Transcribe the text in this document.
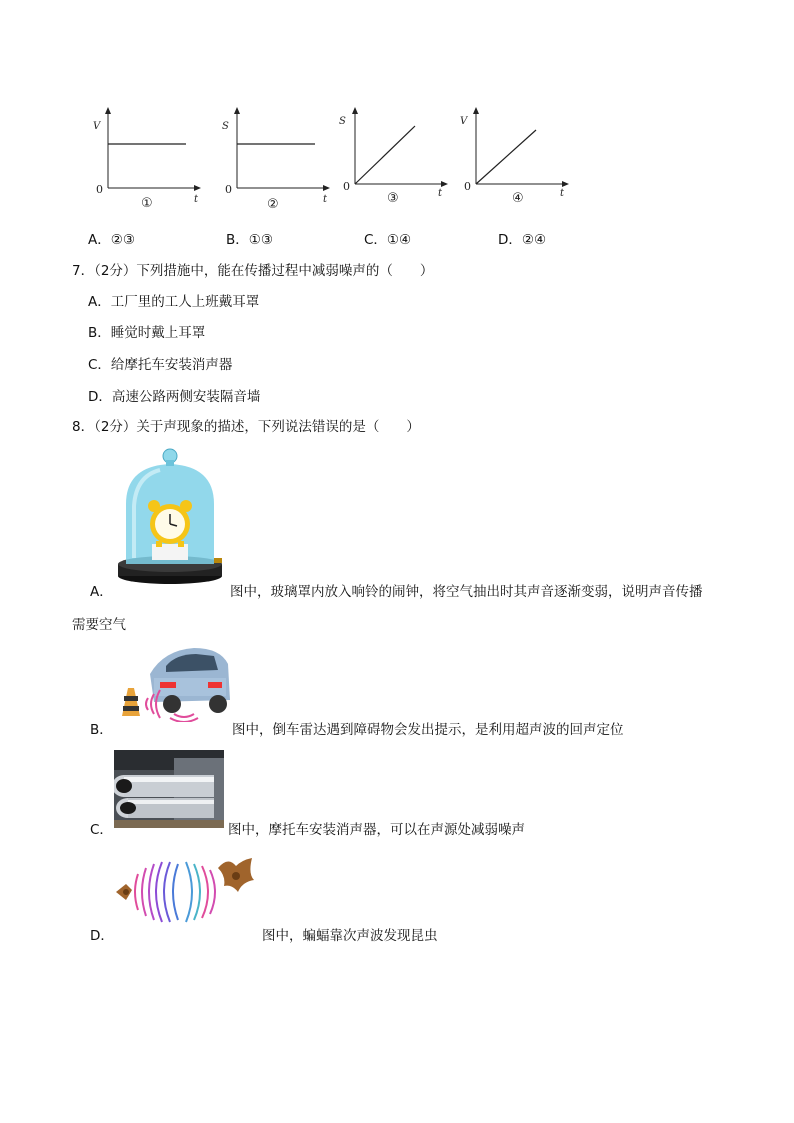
V
t
0
①
S
t
0
②
S
t
0
③
V
t
0
④
A．②③	B．①③	C．①④	D．②④
7．（2分）下列措施中，能在传播过程中减弱噪声的（　　）
A．工厂里的工人上班戴耳罩
B．睡觉时戴上耳罩
C．给摩托车安装消声器
D．高速公路两侧安装隔音墙
8．（2分）关于声现象的描述，下列说法错误的是（　　）
A．	图中，玻璃罩内放入响铃的闹钟，将空气抽出时其声音逐渐变弱，说明声音传播
需要空气
B．	图中，倒车雷达遇到障碍物会发出提示，是利用超声波的回声定位
C．	图中，摩托车安装消声器，可以在声源处减弱噪声
D．	图中，蝙蝠靠次声波发现昆虫
